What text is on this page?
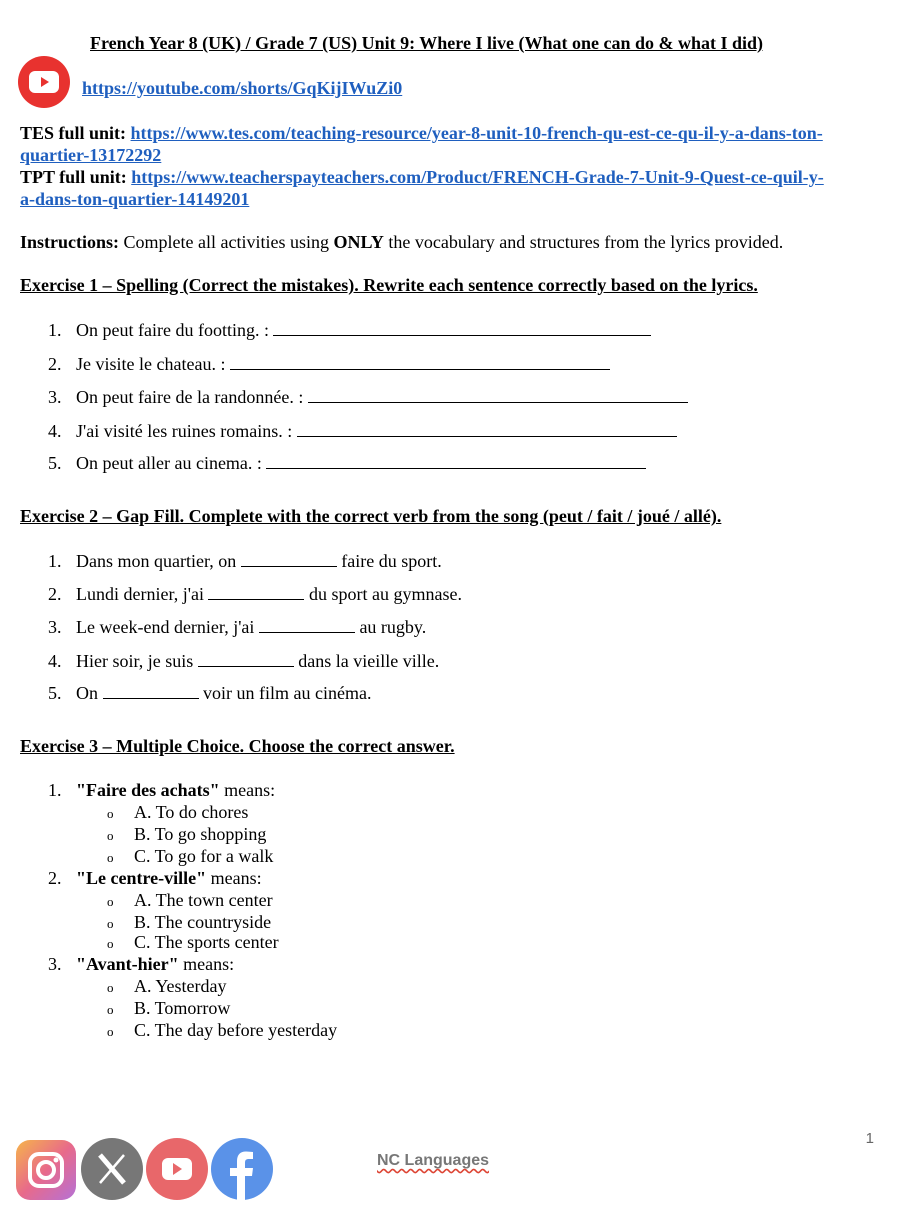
French Year 8 (UK) / Grade 7 (US) Unit 9: Where I live (What one can do & what I did)
https://youtube.com/shorts/GqKijIWuZi0
TES full unit: https://www.tes.com/teaching-resource/year-8-unit-10-french-qu-est-ce-qu-il-y-a-dans-ton-
quartier-13172292
TPT full unit: https://www.teacherspayteachers.com/Product/FRENCH-Grade-7-Unit-9-Quest-ce-quil-y-
a-dans-ton-quartier-14149201
Instructions: Complete all activities using ONLY the vocabulary and structures from the lyrics provided.
Exercise 1 – Spelling (Correct the mistakes). Rewrite each sentence correctly based on the lyrics.
1. On peut faire du footting. :
2. Je visite le chateau. :
3. On peut faire de la randonnée. :
4. J'ai visité les ruines romains. :
5. On peut aller au cinema. :
Exercise 2 – Gap Fill. Complete with the correct verb from the song (peut / fait / joué / allé).
1. Dans mon quartier, on	faire du sport.
2. Lundi dernier, j'ai	du sport au gymnase.
3. Le week-end dernier, j'ai	au rugby.
4. Hier soir, je suis	dans la vieille ville.
5. On	voir un film au cinéma.
Exercise 3 – Multiple Choice. Choose the correct answer.
1. "Faire des achats" means:
o A. To do chores
o B. To go shopping
o C. To go for a walk
2. "Le centre-ville" means:
o A. The town center
o B. The countryside
o C. The sports center
3. "Avant-hier" means:
o A. Yesterday
o B. Tomorrow
o C. The day before yesterday
1
NC Languages
